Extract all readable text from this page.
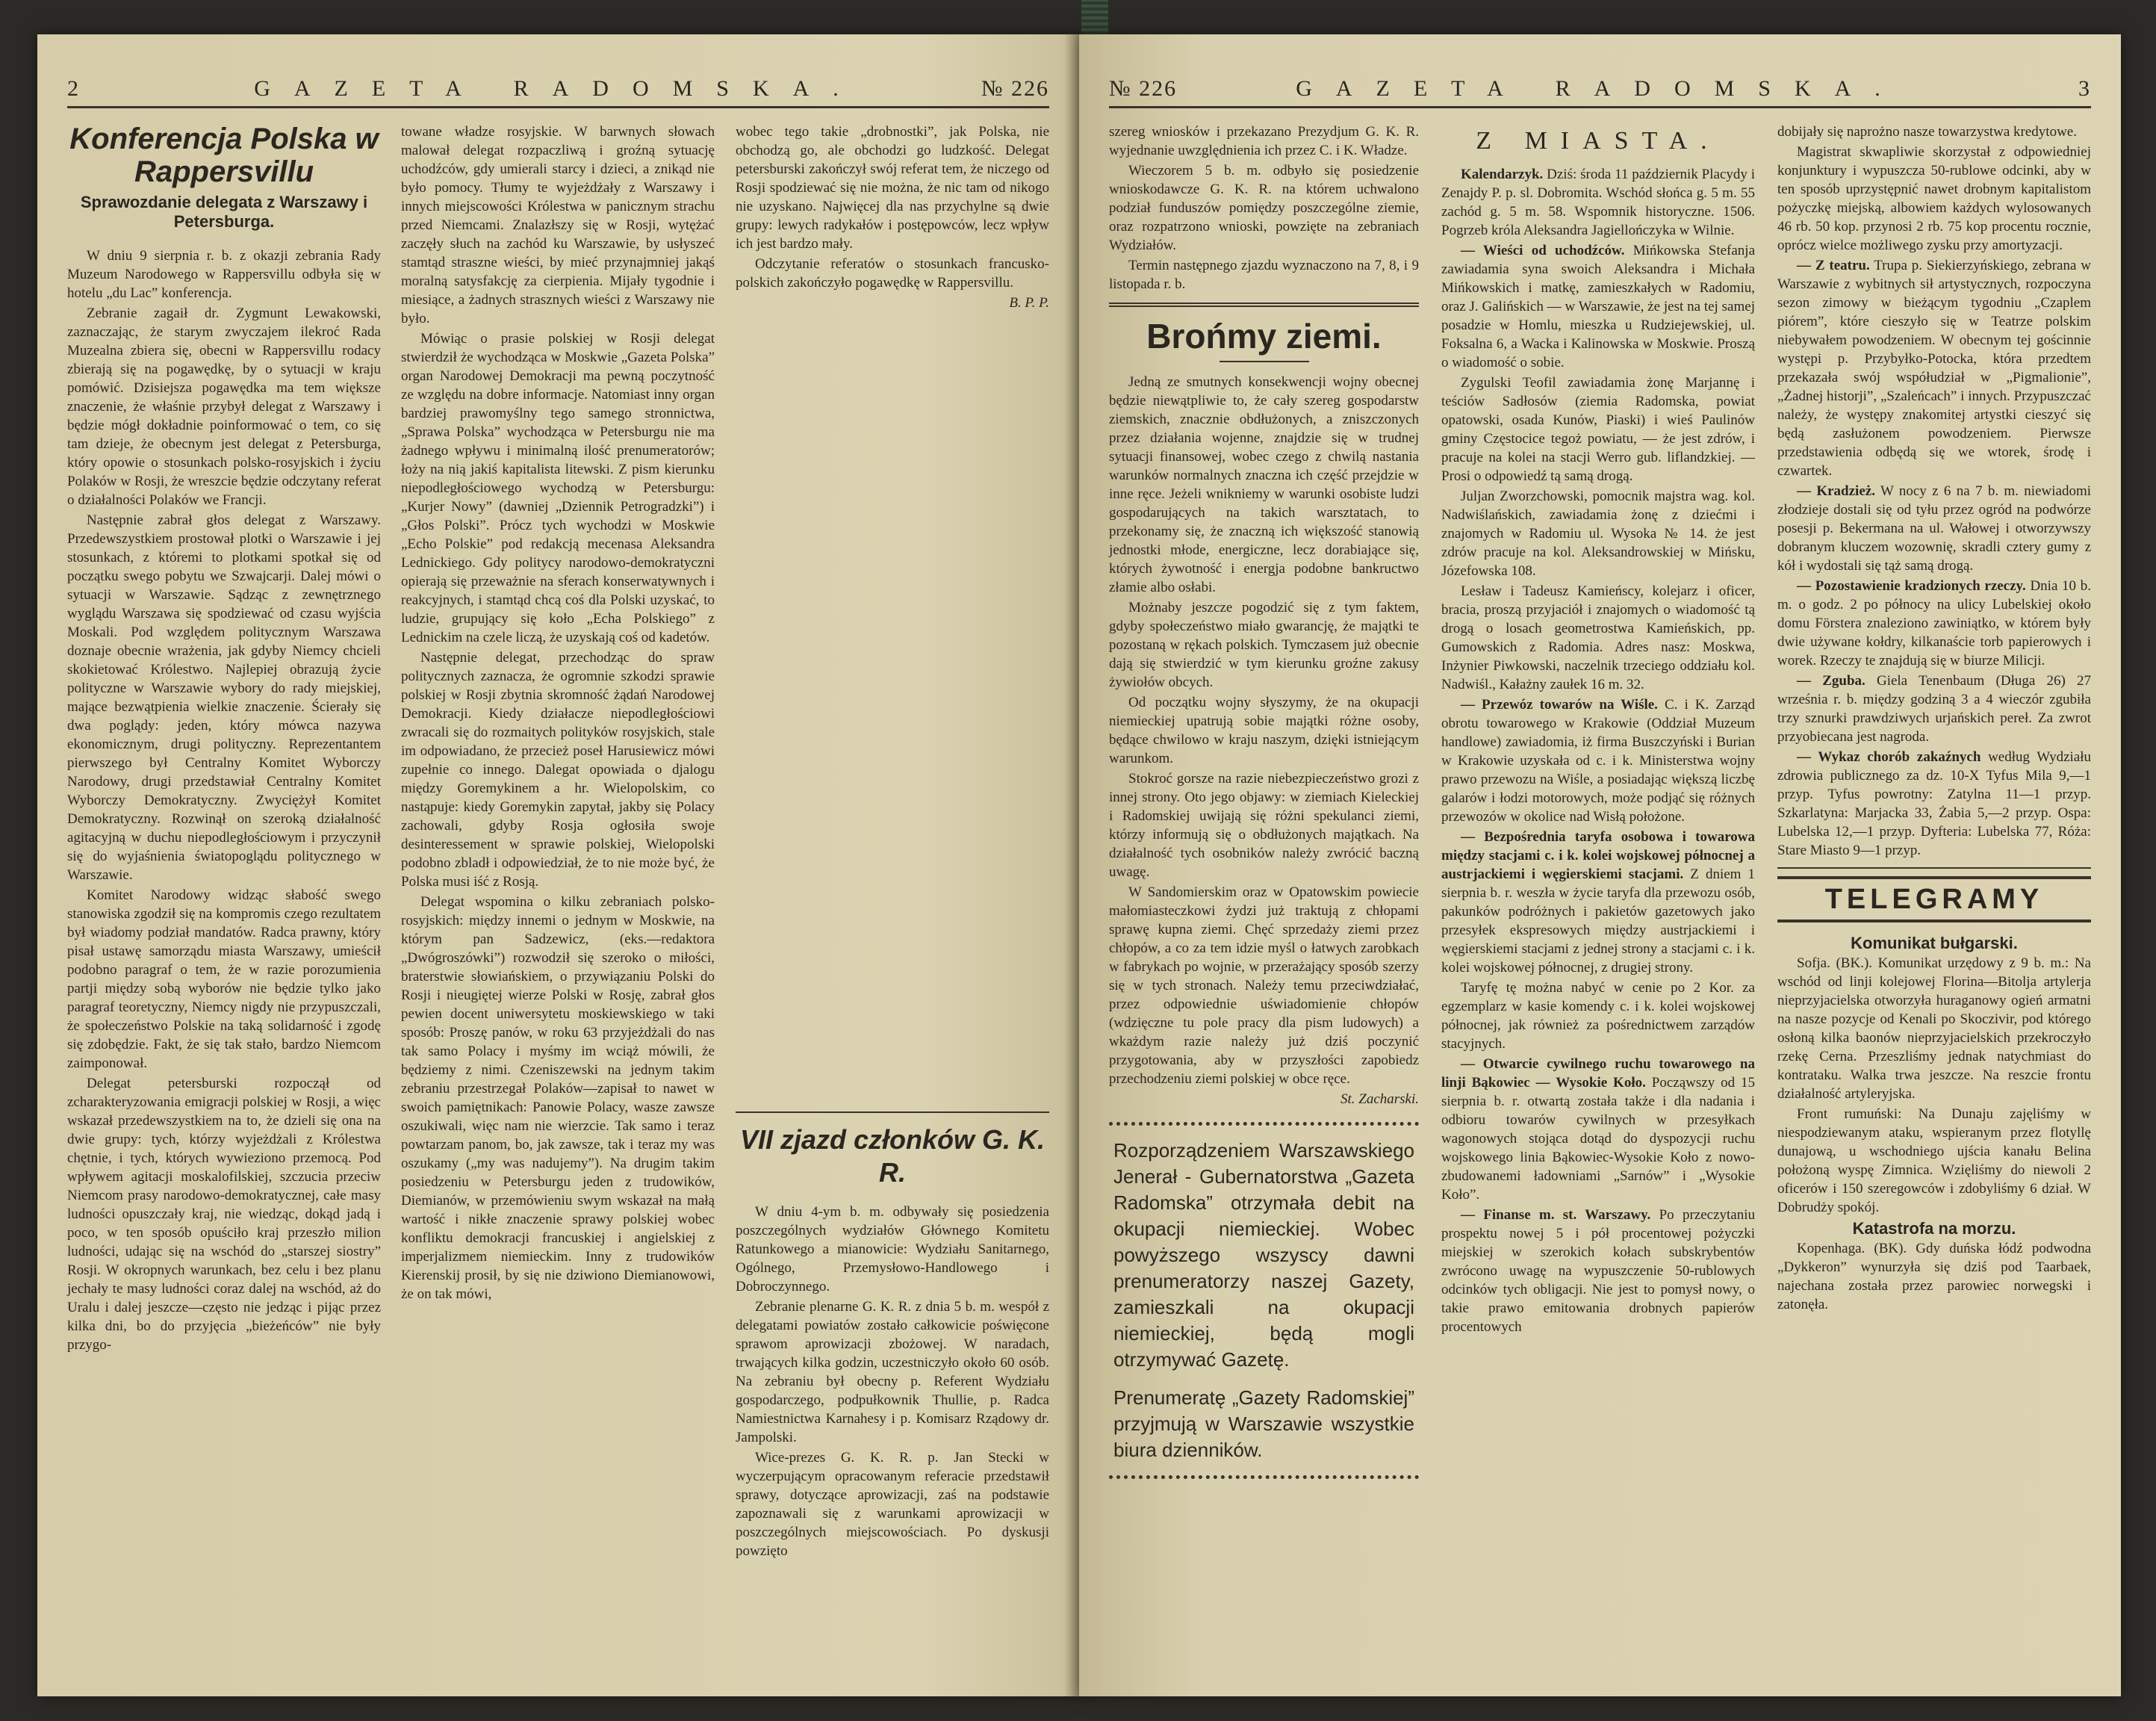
2	GAZETA RADOMSKA.	№ 226
Konferencja Polska w Rappersvillu
Sprawozdanie delegata z Warszawy i Petersburga.

W dniu 9 sierpnia r. b. z okazji zebrania Rady Muzeum Narodowego w Rappersvillu odbyła się w hotelu „du Lac” konferencja.

Zebranie zagaił dr. Zygmunt Lewakowski, zaznaczając, że starym zwyczajem ilekroć Rada Muzealna zbiera się, obecni w Rappersvillu rodacy zbierają się na pogawędkę, by o sytuacji w kraju pomówić. Dzisiejsza pogawędka ma tem większe znaczenie, że właśnie przybył delegat z Warszawy i będzie mógł dokładnie poinformować o tem, co się tam dzieje, że obecnym jest delegat z Petersburga, który opowie o stosunkach polsko-rosyjskich i życiu Polaków w Rosji, że wreszcie będzie odczytany referat o działalności Polaków we Francji.

Następnie zabrał głos delegat z Warszawy. Przedewszystkiem prostował plotki o Warszawie i jej stosunkach, z któremi to plotkami spotkał się od początku swego pobytu we Szwajcarji. Dalej mówi o sytuacji w Warszawie. Sądząc z zewnętrznego wyglądu Warszawa się spodziewać od czasu wyjścia Moskali. Pod względem politycznym Warszawa doznaje obecnie wrażenia, jak gdyby Niemcy chcieli skokietować Królestwo. Najlepiej obrazują życie polityczne w Warszawie wybory do rady miejskiej, mające bezwątpienia wielkie znaczenie. Ścierały się dwa poglądy: jeden, który mówca nazywa ekonomicznym, drugi polityczny. Reprezentantem pierwszego był Centralny Komitet Wyborczy Narodowy, drugi przedstawiał Centralny Komitet Wyborczy Demokratyczny. Zwyciężył Komitet Demokratyczny. Rozwinął on szeroką działalność agitacyjną w duchu niepodległościowym i przyczynił się do wyjaśnienia światopoglądu politycznego w Warszawie.

Komitet Narodowy widząc słabość swego stanowiska zgodził się na kompromis czego rezultatem był wiadomy podział mandatów. Radca prawny, który pisał ustawę samorządu miasta Warszawy, umieścił podobno paragraf o tem, że w razie porozumienia partji między sobą wyborów nie będzie tylko jako paragraf teoretyczny, Niemcy nigdy nie przypuszczali, że społeczeństwo Polskie na taką solidarność i zgodę się zdobędzie. Fakt, że się tak stało, bardzo Niemcom zaimponował.

Delegat petersburski rozpoczął od zcharakteryzowania emigracji polskiej w Rosji, a więc wskazał przedewszystkiem na to, że dzieli się ona na dwie grupy: tych, którzy wyjeżdżali z Królestwa chętnie, i tych, których wywieziono przemocą. Pod wpływem agitacji moskalofilskiej, szczucia przeciw Niemcom prasy narodowo-demokratycznej, całe masy ludności opuszczały kraj, nie wiedząc, dokąd jadą i poco, w ten sposób opuściło kraj przeszło milion ludności, udając się na wschód do „starszej siostry” Rosji. W okropnych warunkach, bez celu i bez planu jechały te masy ludności coraz dalej na wschód, aż do Uralu i dalej jeszcze—często nie jedząc i pijąc przez kilka dni, bo do przyjęcia „bieżeńców” nie były przygo-

towane władze rosyjskie. W barwnych słowach malował delegat rozpaczliwą i groźną sytuację uchodźców, gdy umierali starcy i dzieci, a znikąd nie było pomocy. Tłumy te wyjeżdżały z Warszawy i innych miejscowości Królestwa w panicznym strachu przed Niemcami. Znalazłszy się w Rosji, wytężać zaczęły słuch na zachód ku Warszawie, by usłyszeć stamtąd straszne wieści, by mieć przynajmniej jakąś moralną satysfakcję za cierpienia. Mijały tygodnie i miesiące, a żadnych strasznych wieści z Warszawy nie było.

Mówiąc o prasie polskiej w Rosji delegat stwierdził że wychodząca w Moskwie „Gazeta Polska” organ Narodowej Demokracji ma pewną poczytność ze względu na dobre informacje. Natomiast inny organ bardziej prawomyślny tego samego stronnictwa, „Sprawa Polska” wychodząca w Petersburgu nie ma żadnego wpływu i minimalną ilość prenumeratorów; łoży na nią jakiś kapitalista litewski. Z pism kierunku niepodległościowego wychodzą w Petersburgu: „Kurjer Nowy” (dawniej „Dziennik Petrogradzki”) i „Głos Polski”. Prócz tych wychodzi w Moskwie „Echo Polskie” pod redakcją mecenasa Aleksandra Lednickiego. Gdy politycy narodowo-demokratyczni opierają się przeważnie na sferach konserwatywnych i reakcyjnych, i stamtąd chcą coś dla Polski uzyskać, to ludzie, grupujący się koło „Echa Polskiego” z Lednickim na czele liczą, że uzyskają coś od kadetów.

Następnie delegat, przechodząc do spraw politycznych zaznacza, że ogromnie szkodzi sprawie polskiej w Rosji zbytnia skromność żądań Narodowej Demokracji. Kiedy działacze niepodległościowi zwracali się do rozmaitych polityków rosyjskich, stale im odpowiadano, że przecież poseł Harusiewicz mówi zupełnie co innego. Dalegat opowiada o djalogu między Goremykinem a hr. Wielopolskim, co nastąpuje: kiedy Goremykin zapytał, jakby się Polacy zachowali, gdyby Rosja ogłosiła swoje desinteressement w sprawie polskiej, Wielopolski podobno zbladł i odpowiedział, że to nie może być, że Polska musi iść z Rosją.

Delegat wspomina o kilku zebraniach polsko-rosyjskich: między innemi o jednym w Moskwie, na którym pan Sadzewicz, (eks.—redaktora „Dwógroszówki”) rozwodził się szeroko o miłości, braterstwie słowiańskiem, o przywiązaniu Polski do Rosji i nieugiętej wierze Polski w Rosję, zabrał głos pewien docent uniwersytetu moskiewskiego w taki sposób: Proszę panów, w roku 63 przyjeżdżali do nas tak samo Polacy i myśmy im wciąż mówili, że będziemy z nimi. Czeniszewski na jednym takim zebraniu przestrzegał Polaków—zapisał to nawet w swoich pamiętnikach: Panowie Polacy, wasze zawsze oszukiwali, więc nam nie wierzcie. Tak samo i teraz powtarzam panom, bo, jak zawsze, tak i teraz my was oszukamy („my was nadujemy”). Na drugim takim posiedzeniu w Petersburgu jeden z trudowików, Diemianów, w przemówieniu swym wskazał na małą wartość i nikłe znaczenie sprawy polskiej wobec konfliktu demokracji francuskiej i angielskiej z imperjalizmem niemieckim. Inny z trudowików Kierenskij prosił, by się nie dziwiono Diemianowowi, że on tak mówi,

wobec tego takie „drobnostki”, jak Polska, nie obchodzą go, ale obchodzi go ludzkość. Delegat petersburski zakończył swój referat tem, że niczego od Rosji spodziewać się nie można, że nic tam od nikogo nie uzyskano. Najwięcej dla nas przychylne są dwie grupy: lewych radykałów i postępowców, lecz wpływ ich jest bardzo mały.

Odczytanie referatów o stosunkach francusko-polskich zakończyło pogawędkę w Rappersvillu.

B. P. P.
VII zjazd członków G. K. R.

W dniu 4-ym b. m. odbywały się posiedzenia poszczególnych wydziałów Głównego Komitetu Ratunkowego a mianowicie: Wydziału Sanitarnego, Ogólnego, Przemysłowo-Handlowego i Dobroczynnego.

Zebranie plenarne G. K. R. z dnia 5 b. m. wespół z delegatami powiatów zostało całkowicie poświęcone sprawom aprowizacji zbożowej. W naradach, trwających kilka godzin, uczestniczyło około 60 osób. Na zebraniu był obecny p. Referent Wydziału gospodarczego, podpułkownik Thullie, p. Radca Namiestnictwa Karnahesy i p. Komisarz Rządowy dr. Jampolski.

Wice-prezes G. K. R. p. Jan Stecki w wyczerpującym opracowanym referacie przedstawił sprawy, dotyczące aprowizacji, zaś na podstawie zapoznawali się z warunkami aprowizacji w poszczególnych miejscowościach. Po dyskusji powzięto

№ 226	GAZETA RADOMSKA.	3

szereg wniosków i przekazano Prezydjum G. K. R. wyjednanie uwzględnienia ich przez C. i K. Władze.

Wieczorem 5 b. m. odbyło się posiedzenie wnioskodawcze G. K. R. na którem uchwalono podział funduszów pomiędzy poszczególne ziemie, oraz rozpatrzono wnioski, powzięte na zebraniach Wydziałów.

Termin następnego zjazdu wyznaczono na 7, 8, i 9 listopada r. b.

Brońmy ziemi.

Jedną ze smutnych konsekwencji wojny obecnej będzie niewątpliwie to, że cały szereg gospodarstw ziemskich, znacznie obdłużonych, a zniszczonych przez działania wojenne, znajdzie się w trudnej sytuacji finansowej, wobec czego z chwilą nastania warunków normalnych znaczna ich część przejdzie w inne ręce. Jeżeli wnikniemy w warunki osobiste ludzi gospodarujących na takich warsztatach, to przekonamy się, że znaczną ich większość stanowią jednostki młode, energiczne, lecz dorabiające się, których żywotność i energja podobne bankructwo złamie albo osłabi.

Możnaby jeszcze pogodzić się z tym faktem, gdyby społeczeństwo miało gwarancję, że majątki te pozostaną w rękach polskich. Tymczasem już obecnie dają się stwierdzić w tym kierunku groźne zakusy żywiołów obcych.

Od początku wojny słyszymy, że na okupacji niemieckiej upatrują sobie majątki różne osoby, będące chwilowo w kraju naszym, dzięki istniejącym warunkom.

Stokroć gorsze na razie niebezpieczeństwo grozi z innej strony. Oto jego objawy: w ziemiach Kieleckiej i Radomskiej uwijają się różni spekulanci ziemi, którzy informują się o obdłużonych majątkach. Na działalność tych osobników należy zwrócić baczną uwagę.

W Sandomierskim oraz w Opatowskim powiecie małomiasteczkowi żydzi już traktują z chłopami sprawę kupna ziemi. Chęć sprzedaży ziemi przez chłopów, a co za tem idzie myśl o łatwych zarobkach w fabrykach po wojnie, w przerażający sposób szerzy się w tych stronach. Należy temu przeciwdziałać, przez odpowiednie uświadomienie chłopów (wdzięczne tu pole pracy dla pism ludowych) a wkażdym razie należy już dziś poczynić przygotowania, aby w przyszłości zapobiedz przechodzeniu ziemi polskiej w obce ręce.

St. Zacharski.
Rozporządzeniem Warszawskiego Jenerał - Gubernatorstwa „Gazeta Radomska” otrzymała debit na okupacji niemieckiej. Wobec powyższego wszyscy dawni prenumeratorzy naszej Gazety, zamieszkali na okupacji niemieckiej, będą mogli otrzymywać Gazetę.
Prenumeratę „Gazety Radomskiej” przyjmują w Warszawie wszystkie biura dzienników.
Z MIASTA.

Kalendarzyk. Dziś: środa 11 październik Placydy i Zenajdy P. p. sl. Dobromita. Wschód słońca g. 5 m. 55 zachód g. 5 m. 58. Wspomnik historyczne. 1506. Pogrzeb króla Aleksandra Jagiellończyka w Wilnie.

— Wieści od uchodźców. Mińkowska Stefanja zawiadamia syna swoich Aleksandra i Michała Mińkowskich i matkę, zamieszkałych w Radomiu, oraz J. Galińskich — w Warszawie, że jest na tej samej posadzie w Homlu, mieszka u Rudziejewskiej, ul. Foksalna 6, a Wacka i Kalinowska w Moskwie. Proszą o wiadomość o sobie.

Zygulski Teofil zawiadamia żonę Marjannę i teściów Sadłosów (ziemia Radomska, powiat opatowski, osada Kunów, Piaski) i wieś Paulinów gminy Częstocice tegoż powiatu, — że jest zdrów, i pracuje na kolei na stacji Werro gub. liflandzkiej. — Prosi o odpowiedź tą samą drogą.

Juljan Zworzchowski, pomocnik majstra wag. kol. Nadwiślańskich, zawiadamia żonę z dziećmi i znajomych w Radomiu ul. Wysoka № 14. że jest zdrów pracuje na kol. Aleksandrowskiej w Mińsku, Józefowska 108.

Lesław i Tadeusz Kamieńscy, kolejarz i oficer, bracia, proszą przyjaciół i znajomych o wiadomość tą drogą o losach geometrostwa Kamieńskich, pp. Gumowskich z Radomia. Adres nasz: Moskwa, Inżynier Piwkowski, naczelnik trzeciego oddziału kol. Nadwiśl., Kałażny zaułek 16 m. 32.

— Przewóz towarów na Wiśle. C. i K. Zarząd obrotu towarowego w Krakowie (Oddział Muzeum handlowe) zawiadomia, iż firma Buszczyński i Burian w Krakowie uzyskała od c. i k. Ministerstwa wojny prawo przewozu na Wiśle, a posiadając większą liczbę galarów i łodzi motorowych, może podjąć się różnych przewozów w okolice nad Wisłą położone.

— Bezpośrednia taryfa osobowa i towarowa między stacjami c. i k. kolei wojskowej północnej a austrjackiemi i węgierskiemi stacjami. Z dniem 1 sierpnia b. r. weszła w życie taryfa dla przewozu osób, pakunków podróżnych i pakietów gazetowych jako przesyłek ekspresowych między austrjackiemi i węgierskiemi stacjami z jednej strony a stacjami c. i k. kolei wojskowej północnej, z drugiej strony.

Taryfę tę można nabyć w cenie po 2 Kor. za egzemplarz w kasie komendy c. i k. kolei wojskowej północnej, jak również za pośrednictwem zarządów stacyjnych.

— Otwarcie cywilnego ruchu towarowego na linji Bąkowiec — Wysokie Koło. Począwszy od 15 sierpnia b. r. otwartą została także i dla nadania i odbioru towarów cywilnych w przesyłkach wagonowych stojąca dotąd do dyspozycji ruchu wojskowego linia Bąkowiec-Wysokie Koło z nowo-zbudowanemi ładowniami „Sarnów” i „Wysokie Koło”.

— Finanse m. st. Warszawy. Po przeczytaniu prospektu nowej 5 i pół procentowej pożyczki miejskiej w szerokich kołach subskrybentów zwrócono uwagę na wypuszczenie 50-rublowych odcinków tych obligacji. Nie jest to pomysł nowy, o takie prawo emitowania drobnych papierów procentowych

dobijały się naprożno nasze towarzystwa kredytowe.

Magistrat skwapliwie skorzystał z odpowiedniej konjunktury i wypuszcza 50-rublowe odcinki, aby w ten sposób uprzystępnić nawet drobnym kapitalistom pożyczkę miejską, albowiem każdych wylosowanych 46 rb. 50 kop. przynosi 2 rb. 75 kop procentu rocznie, oprócz wielce możliwego zysku przy amortyzacji.

— Z teatru. Trupa p. Siekierzyńskiego, zebrana w Warszawie z wybitnych sił artystycznych, rozpoczyna sezon zimowy w bieżącym tygodniu „Czaplem piórem”, które cieszyło się w Teatrze polskim niebywałem powodzeniem. W obecnym tej gościnnie występi p. Przybyłko-Potocka, która przedtem przekazała swój współudział w „Pigmalionie”, „Żadnej historji”, „Szaleńcach” i innych. Przypuszczać należy, że występy znakomitej artystki cieszyć się będą zasłużonem powodzeniem. Pierwsze przedstawienia odbędą się we wtorek, środę i czwartek.

— Kradzież. W nocy z 6 na 7 b. m. niewiadomi złodzieje dostali się od tyłu przez ogród na podwórze posesji p. Bekermana na ul. Wałowej i otworzywszy dobranym kluczem wozownię, skradli cztery gumy z kół i wydostali się tąż samą drogą.

— Pozostawienie kradzionych rzeczy. Dnia 10 b. m. o godz. 2 po północy na ulicy Lubelskiej około domu Förstera znaleziono zawiniątko, w którem były dwie używane kołdry, kilkanaście torb papierowych i worek. Rzeczy te znajdują się w biurze Milicji.

— Zguba. Giela Tenenbaum (Długa 26) 27 września r. b. między godziną 3 a 4 wieczór zgubiła trzy sznurki prawdziwych urjańskich pereł. Za zwrot przyobiecana jest nagroda.

— Wykaz chorób zakaźnych według Wydziału zdrowia publicznego za dz. 10-X Tyfus Mila 9,—1 przyp. Tyfus powrotny: Zatylna 11—1 przyp. Szkarlatyna: Marjacka 33, Żabia 5,—2 przyp. Ospa: Lubelska 12,—1 przyp. Dyfteria: Lubelska 77, Róża: Stare Miasto 9—1 przyp.

TELEGRAMY
Komunikat bułgarski.

Sofja. (BK.). Komunikat urzędowy z 9 b. m.: Na wschód od linji kolejowej Florina—Bitolja artylerja nieprzyjacielska otworzyła huraganowy ogień armatni na nasze pozycje od Kenali po Skoczivir, pod którego osłoną kilka baonów nieprzyjacielskich przekroczyło rzekę Cerna. Przeszliśmy jednak natychmiast do kontrataku. Walka trwa jeszcze. Na reszcie frontu działalność artyleryjska.

Front rumuński: Na Dunaju zajęliśmy w niespodziewanym ataku, wspieranym przez flotyllę dunajową, u wschodniego ujścia kanału Belina położoną wyspę Zimnica. Wzięliśmy do niewoli 2 oficerów i 150 szeregowców i zdobyliśmy 6 dział. W Dobrudży spokój.

Katastrofa na morzu.

Kopenhaga. (BK). Gdy duńska łódź podwodna „Dykkeron” wynurzyła się dziś pod Taarbaek, najechana została przez parowiec norwegski i zatonęła.
